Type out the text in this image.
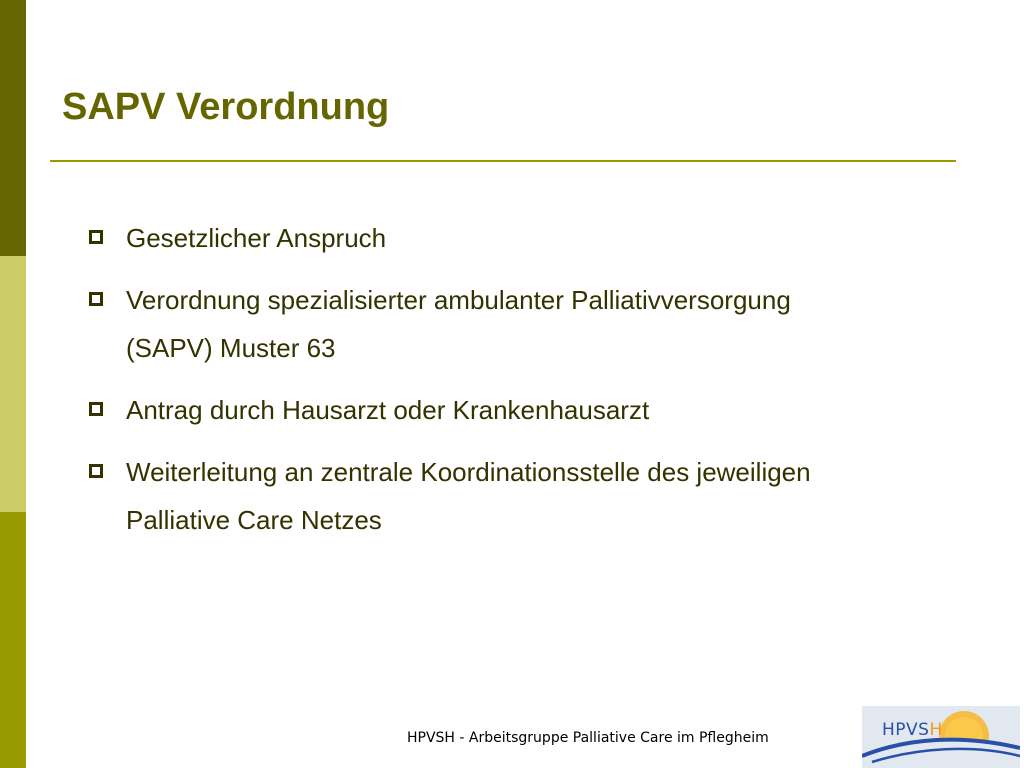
SAPV Verordnung
Gesetzlicher Anspruch
Verordnung spezialisierter ambulanter Palliativversorgung
(SAPV) Muster 63
Antrag durch Hausarzt oder Krankenhausarzt
Weiterleitung an zentrale Koordinationsstelle des jeweiligen
Palliative Care Netzes
HPVSH - Arbeitsgruppe Palliative Care im Pflegheim	HPVSH
